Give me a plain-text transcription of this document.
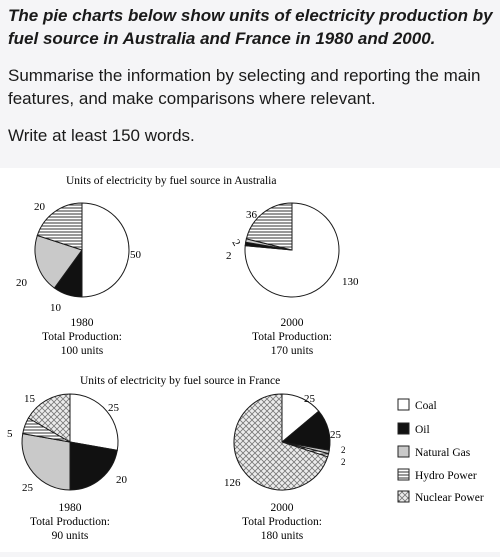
The pie charts below show units of electricity production by fuel source in Australia and France in 1980 and 2000.

Summarise the information by selecting and reporting the main features, and make comparisons where relevant.

Write at least 150 words.

Units of electricity by fuel source in Australia
Units of electricity by fuel source in France
50
10
20
20
130
2
2
36
25
20
25
5
15	25
25
2
2
126
1980
Total Production:
100 units
2000
Total Production:
170 units
1980
Total Production:
90 units
2000
Total Production:
180 units
Coal
Oil
Natural Gas
Hydro Power
Nuclear Power
